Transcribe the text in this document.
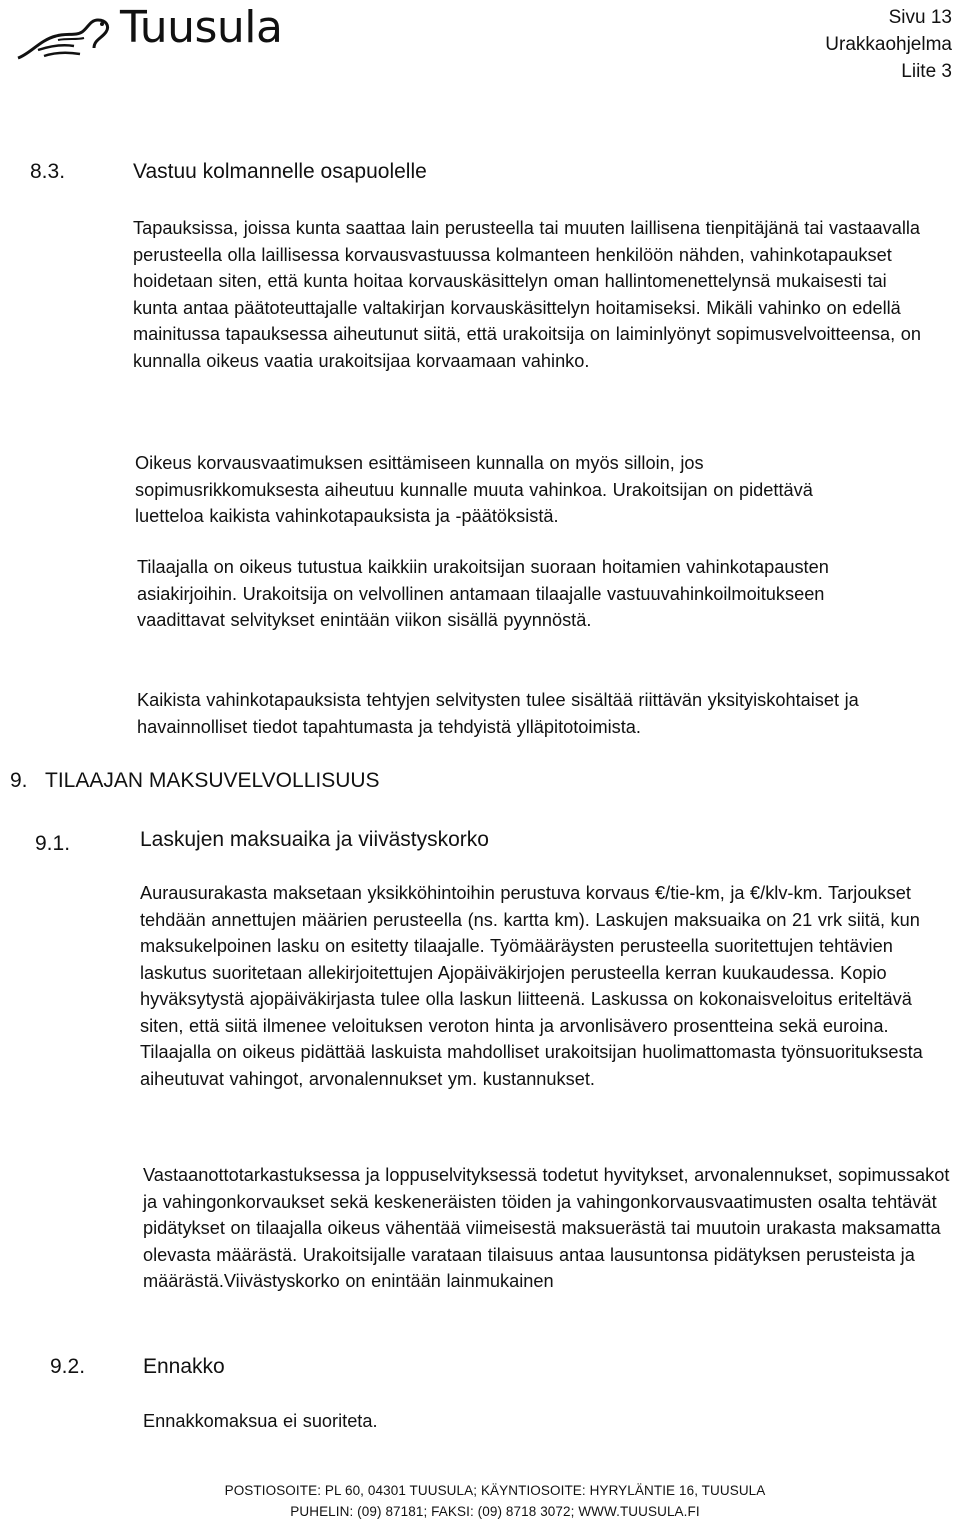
Tuusula	Sivu 13
Urakkaohjelma
Liite 3
8.3.	Vastuu kolmannelle osapuolelle

Tapauksissa, joissa kunta saattaa lain perusteella tai muuten laillisena tienpitäjänä tai vastaavalla perusteella olla laillisessa korvausvastuussa kolmanteen henkilöön nähden, vahinkotapaukset hoidetaan siten, että kunta hoitaa korvauskäsittelyn oman hallintomenettelynsä mukaisesti tai kunta antaa päätoteuttajalle valtakirjan korvauskäsittelyn hoitamiseksi. Mikäli vahinko on edellä mainitussa tapauksessa aiheutunut siitä, että urakoitsija on laiminlyönyt sopimusvelvoitteensa, on kunnalla oikeus vaatia urakoitsijaa korvaamaan vahinko.

Oikeus korvausvaatimuksen esittämiseen kunnalla on myös silloin, jos sopimusrikkomuksesta aiheutuu kunnalle muuta vahinkoa. Urakoitsijan on pidettävä luetteloa kaikista vahinkotapauksista ja -päätöksistä.

Tilaajalla on oikeus tutustua kaikkiin urakoitsijan suoraan hoitamien vahinkotapausten asiakirjoihin. Urakoitsija on velvollinen antamaan tilaajalle vastuuvahinkoilmoitukseen vaadittavat selvitykset enintään viikon sisällä pyynnöstä.

Kaikista vahinkotapauksista tehtyjen selvitysten tulee sisältää riittävän yksityiskohtaiset ja havainnolliset tiedot tapahtumasta ja tehdyistä ylläpitotoimista.

9. TILAAJAN MAKSUVELVOLLISUUS
9.1.	Laskujen maksuaika ja viivästyskorko

Aurausurakasta maksetaan yksikköhintoihin perustuva korvaus €/tie-km, ja €/klv-km. Tarjoukset tehdään annettujen määrien perusteella (ns. kartta km). Laskujen maksuaika on 21 vrk siitä, kun maksukelpoinen lasku on esitetty tilaajalle. Työmääräysten perusteella suoritettujen tehtävien laskutus suoritetaan allekirjoitettujen Ajopäiväkirjojen perusteella kerran kuukaudessa. Kopio hyväksytystä ajopäiväkirjasta tulee olla laskun liitteenä. Laskussa on kokonaisveloitus eriteltävä siten, että siitä ilmenee veloituksen veroton hinta ja arvonlisävero prosentteina sekä euroina. Tilaajalla on oikeus pidättää laskuista mahdolliset urakoitsijan huolimattomasta työnsuorituksesta aiheutuvat vahingot, arvonalennukset ym. kustannukset.

Vastaanottotarkastuksessa ja loppuselvityksessä todetut hyvitykset, arvonalennukset, sopimussakot ja vahingonkorvaukset sekä keskeneräisten töiden ja vahingonkorvausvaatimusten osalta tehtävät pidätykset on tilaajalla oikeus vähentää viimeisestä maksuerästä tai muutoin urakasta maksamatta olevasta määrästä. Urakoitsijalle varataan tilaisuus antaa lausuntonsa pidätyksen perusteista ja määrästä.Viivästyskorko on enintään lainmukainen

9.2.	Ennakko

Ennakkomaksua ei suoriteta.

POSTIOSOITE: PL 60, 04301 TUUSULA; KÄYNTIOSOITE: HYRYLÄNTIE 16, TUUSULA
PUHELIN: (09) 87181; FAKSI: (09) 8718 3072; WWW.TUUSULA.FI
